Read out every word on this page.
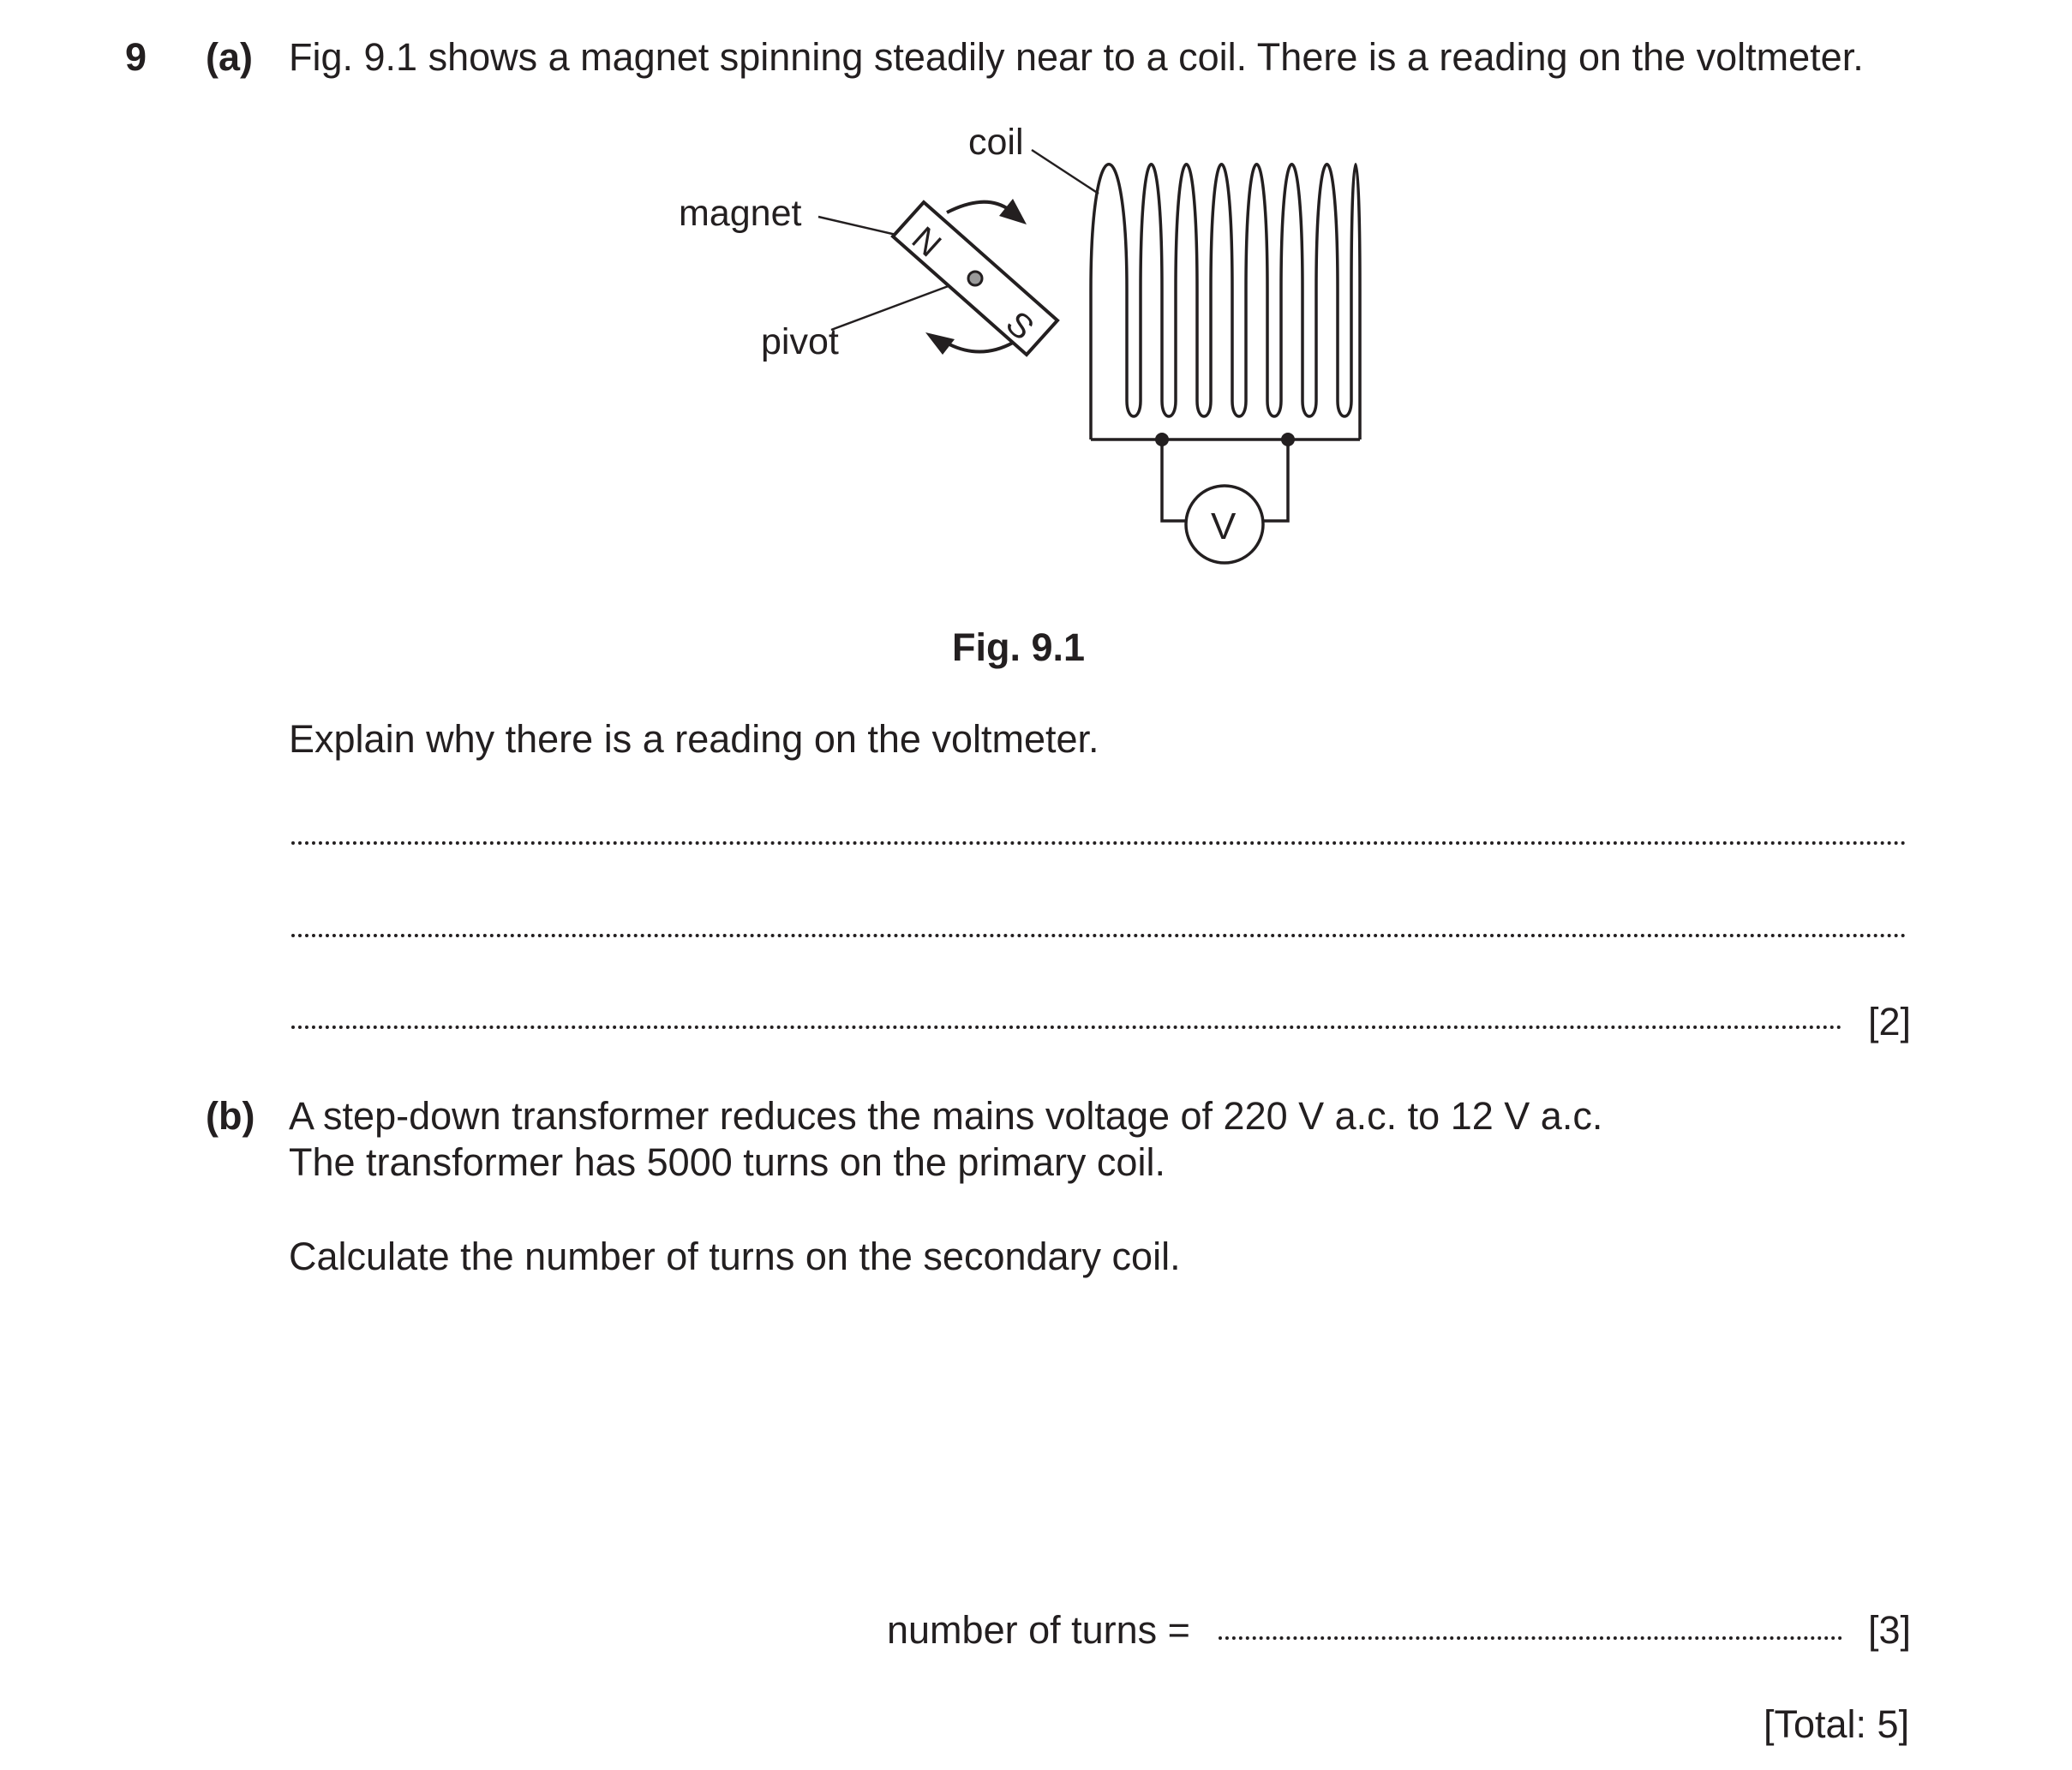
9 (a) Fig. 9.1 shows a magnet spinning steadily near to a coil. There is a reading on the voltmeter.
coil
magnet
pivot
N
S
V
Fig. 9.1
Explain why there is a reading on the voltmeter.
[2]
(b) A step-down transformer reduces the mains voltage of 220 V a.c. to 12 V a.c.
The transformer has 5000 turns on the primary coil.
Calculate the number of turns on the secondary coil.
number of turns =	[3]
[Total: 5]
